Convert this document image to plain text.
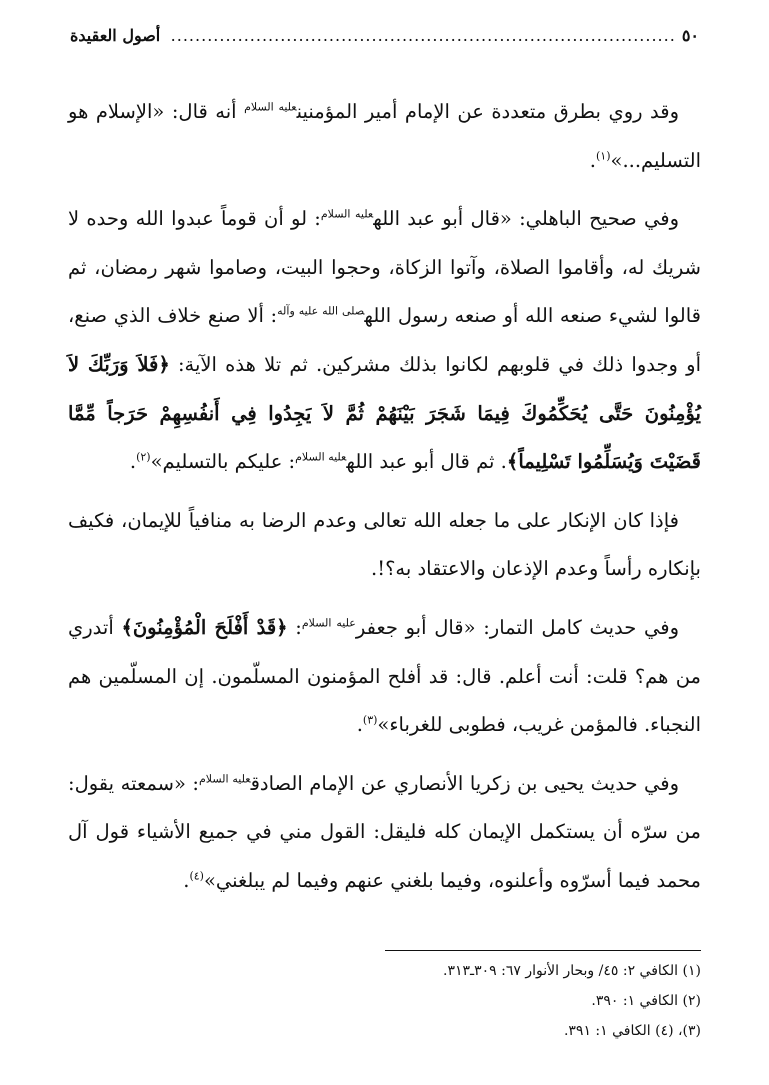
٥٠
...................................................................................
أصول العقيدة

وقد روي بطرق متعددة عن الإمام أمير المؤمنين$^{عليه السلام}$ أنه قال: «الإسلام هو التسليم...»$^{(١)}$.

وفي صحيح الباهلي: «قال أبو عبد الله$^{عليه السلام}$: لو أن قوماً عبدوا الله وحده لا شريك له، وأقاموا الصلاة، وآتوا الزكاة، وحجوا البيت، وصاموا شهر رمضان، ثم قالوا لشيء صنعه الله أو صنعه رسول الله$^{صلى الله عليه وآله}$: ألا صنع خلاف الذي صنع، أو وجدوا ذلك في قلوبهم لكانوا بذلك مشركين. ثم تلا هذه الآية: ﴿فَلاَ وَرَبِّكَ لاَ يُؤْمِنُونَ حَتَّى يُحَكِّمُوكَ فِيمَا شَجَرَ بَيْنَهُمْ ثُمَّ لاَ يَجِدُوا فِي أَنفُسِهِمْ حَرَجاً مِّمَّا قَضَيْتَ وَيُسَلِّمُوا تَسْلِيماً﴾. ثم قال أبو عبد الله$^{عليه السلام}$: عليكم بالتسليم»$^{(٢)}$.

فإذا كان الإنكار على ما جعله الله تعالى وعدم الرضا به منافياً للإيمان، فكيف بإنكاره رأساً وعدم الإذعان والاعتقاد به؟!.

وفي حديث كامل التمار: «قال أبو جعفر$^{عليه السلام}$: ﴿قَدْ أَفْلَحَ الْمُؤْمِنُونَ﴾ أتدري من هم؟ قلت: أنت أعلم. قال: قد أفلح المؤمنون المسلّمون. إن المسلّمين هم النجباء. فالمؤمن غريب، فطوبى للغرباء»$^{(٣)}$.

وفي حديث يحيى بن زكريا الأنصاري عن الإمام الصادق$^{عليه السلام}$: «سمعته يقول: من سرّه أن يستكمل الإيمان كله فليقل: القول مني في جميع الأشياء قول آل محمد فيما أسرّوه وأعلنوه، وفيما بلغني عنهم وفيما لم يبلغني»$^{(٤)}$.

(١) الكافي ٢: ٤٥/ وبحار الأنوار ٦٧: ٣٠٩ـ٣١٣.
(٢) الكافي ١: ٣٩٠.
(٣)، (٤) الكافي ١: ٣٩١.
